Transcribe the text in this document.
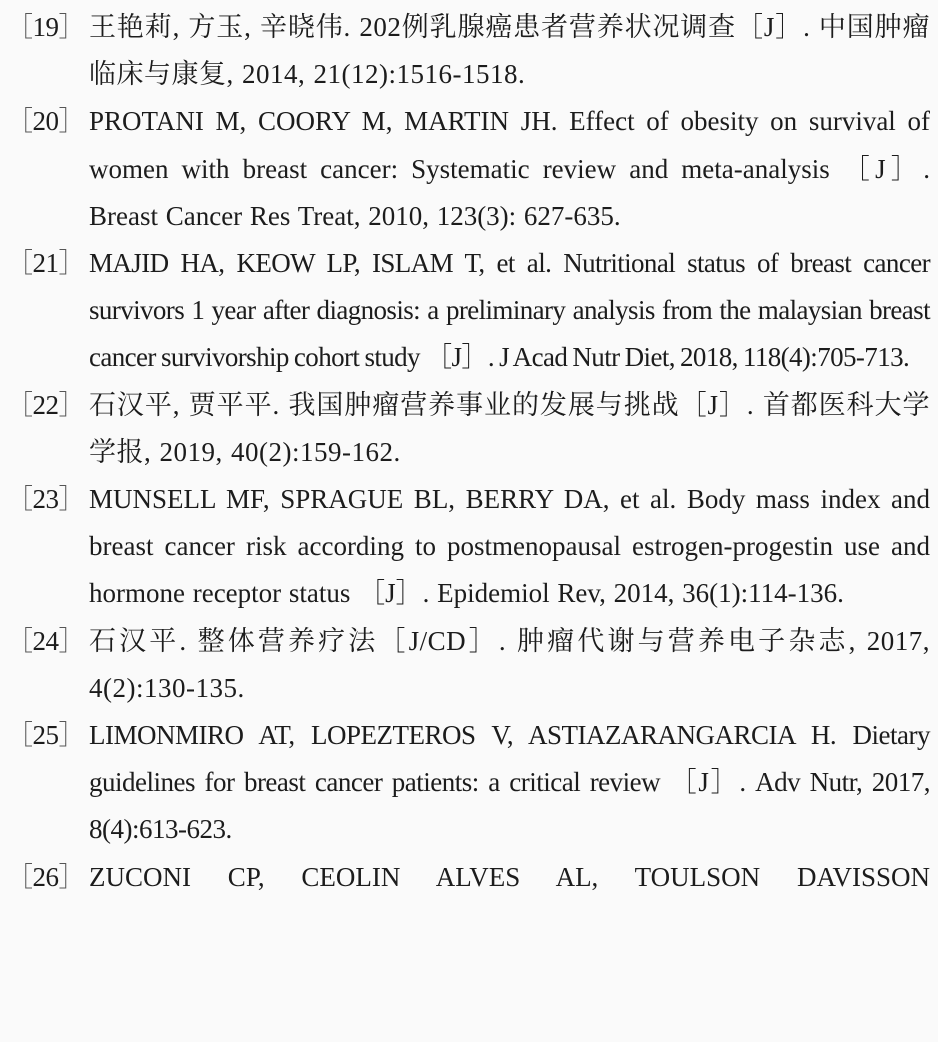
［19］ 王艳莉, 方玉, 辛晓伟. 202例乳腺癌患者营养状况调查［J］. 中国肿瘤临床与康复, 2014, 21(12):1516-1518.
［20］ PROTANI M, COORY M, MARTIN JH. Effect of obesity on survival of women with breast cancer: Systematic review and meta-analysis ［J］. Breast Cancer Res Treat, 2010, 123(3): 627-635.
［21］ MAJID HA, KEOW LP, ISLAM T, et al. Nutritional status of breast cancer survivors 1 year after diagnosis: a preliminary analysis from the malaysian breast cancer survivorship cohort study ［J］. J Acad Nutr Diet, 2018, 118(4):705-713.
［22］ 石汉平, 贾平平. 我国肿瘤营养事业的发展与挑战［J］. 首都医科大学学报, 2019, 40(2):159-162.
［23］ MUNSELL MF, SPRAGUE BL, BERRY DA, et al. Body mass index and breast cancer risk according to postmenopausal estrogen-progestin use and hormone receptor status ［J］. Epidemiol Rev, 2014, 36(1):114-136.
［24］ 石汉平. 整体营养疗法［J/CD］. 肿瘤代谢与营养电子杂志, 2017, 4(2):130-135.
［25］ LIMONMIRO AT, LOPEZTEROS V, ASTIAZARANGARCIA H. Dietary guidelines for breast cancer patients: a critical review ［J］. Adv Nutr, 2017, 8(4):613-623.
［26］ ZUCONI CP, CEOLIN ALVES AL, TOULSON DAVISSON
